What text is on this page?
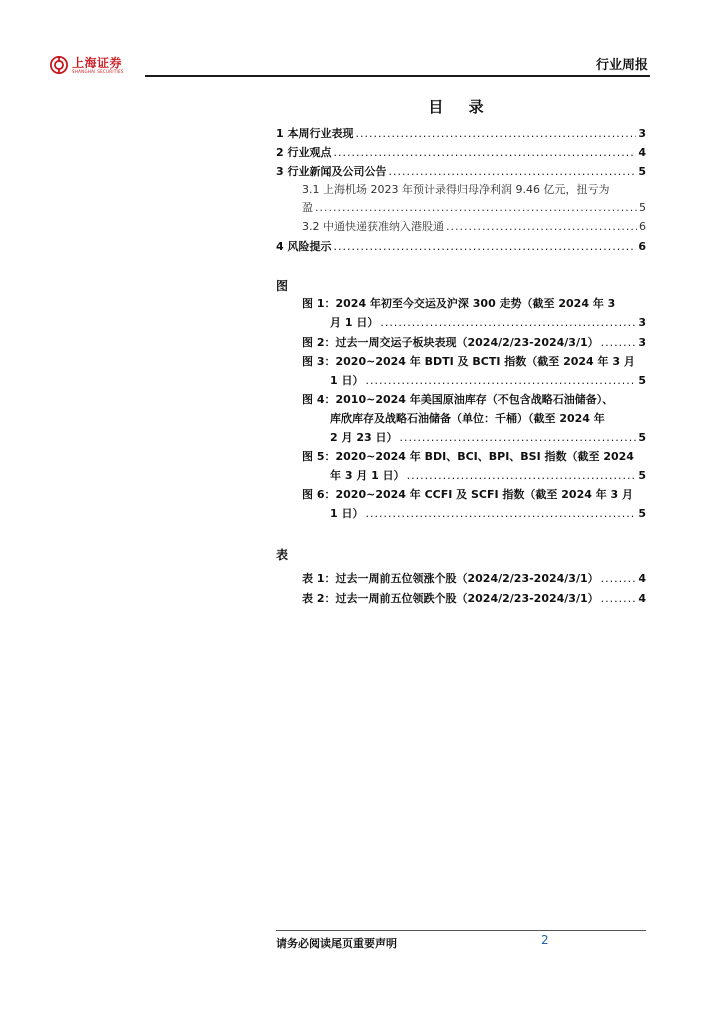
上海证券
SHANGHAI SECURITIES	行业周报
目 录
1 本周行业表现 .....	3
2 行业观点 .....	4
3 行业新闻及公司公告 .....	5
3.1 上海机场 2023 年预计录得归母净利润 9.46 亿元，扭亏为
盈 .....	5
3.2 中通快递获准纳入港股通 .....	6
4 风险提示 .....	6
图
图 1：2024 年初至今交运及沪深 300 走势（截至 2024 年 3
月 1 日） .....	3
图 2：过去一周交运子板块表现（2024/2/23-2024/3/1） .....	3
图 3：2020~2024 年 BDTI 及 BCTI 指数（截至 2024 年 3 月
1 日） .....	5
图 4：2010~2024 年美国原油库存（不包含战略石油储备）、
库欣库存及战略石油储备（单位：千桶）（截至 2024 年
2 月 23 日） .....	5
图 5：2020~2024 年 BDI、BCI、BPI、BSI 指数（截至 2024
年 3 月 1 日） .....	5
图 6：2020~2024 年 CCFI 及 SCFI 指数（截至 2024 年 3 月
1 日） .....	5
表
表 1：过去一周前五位领涨个股（2024/2/23-2024/3/1） .....	4
表 2：过去一周前五位领跌个股（2024/2/23-2024/3/1） .....	4
请务必阅读尾页重要声明	2
